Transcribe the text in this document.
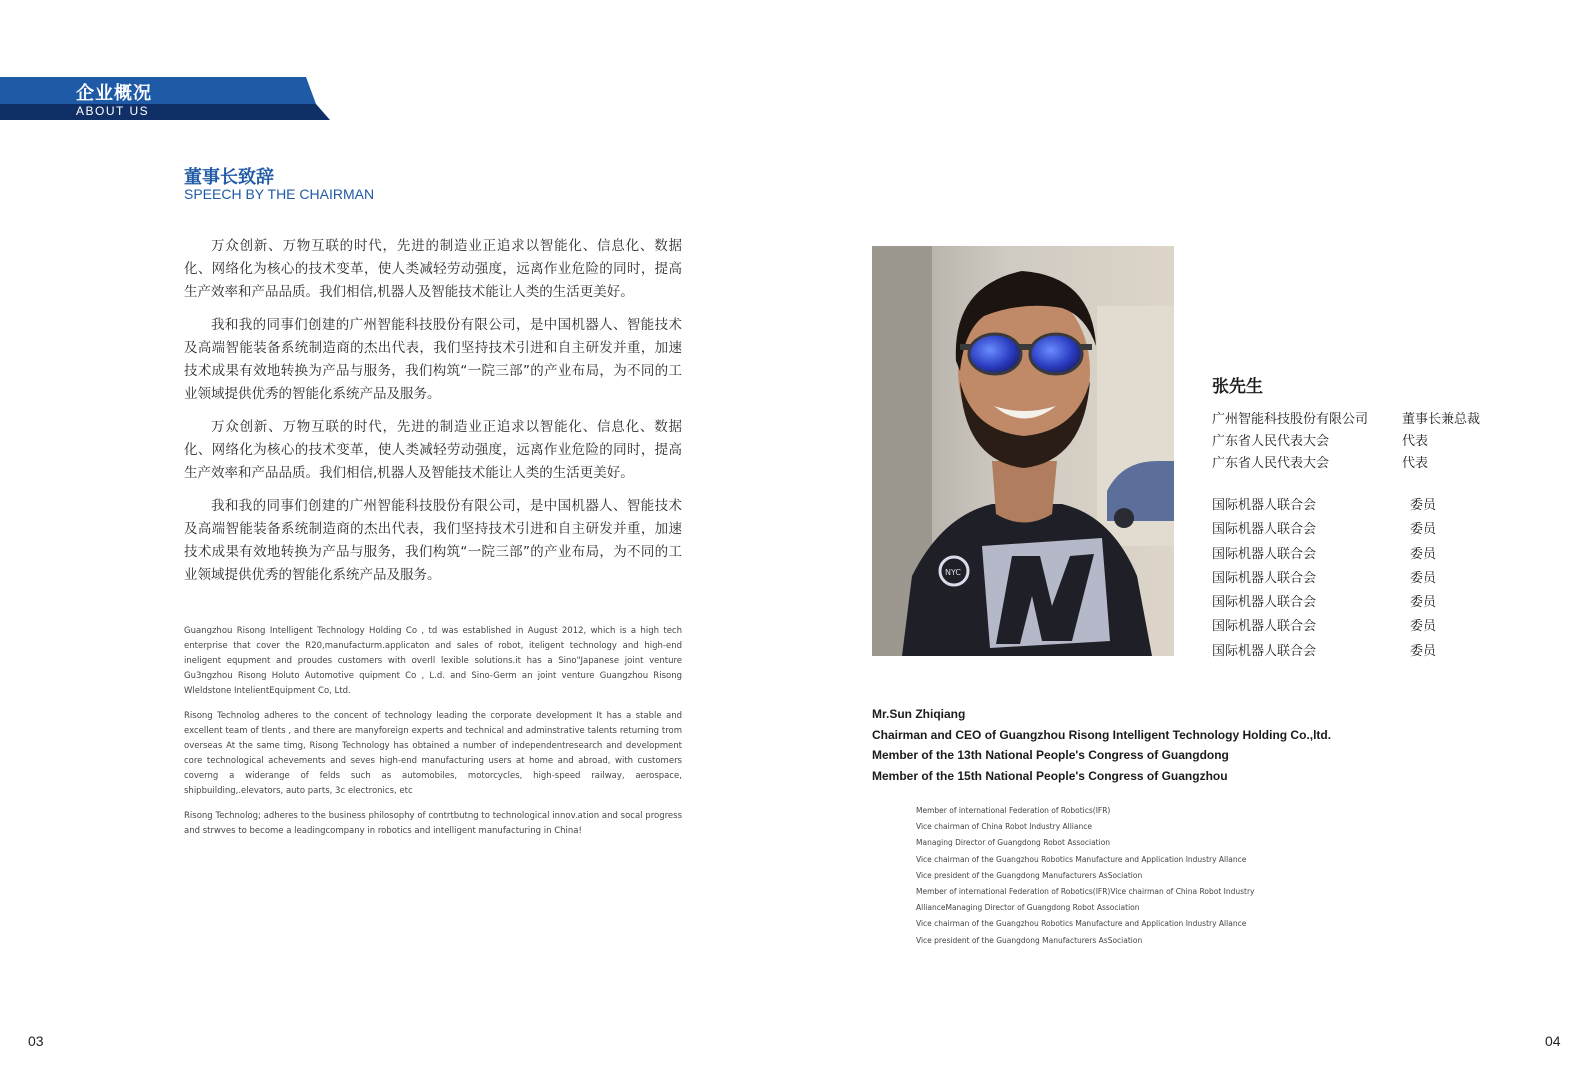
企业概况
ABOUT US
董事长致辞
SPEECH BY THE CHAIRMAN

万众创新、万物互联的时代，先进的制造业正追求以智能化、信息化、数据化、网络化为核心的技术变革，使人类减轻劳动强度，远离作业危险的同时，提高生产效率和产品品质。我们相信,机器人及智能技术能让人类的生活更美好。

我和我的同事们创建的广州智能科技股份有限公司，是中国机器人、智能技术及高端智能装备系统制造商的杰出代表，我们坚持技术引进和自主研发并重，加速技术成果有效地转换为产品与服务，我们构筑“一院三部”的产业布局，为不同的工业领域提供优秀的智能化系统产品及服务。

万众创新、万物互联的时代，先进的制造业正追求以智能化、信息化、数据化、网络化为核心的技术变革，使人类减轻劳动强度，远离作业危险的同时，提高生产效率和产品品质。我们相信,机器人及智能技术能让人类的生活更美好。

我和我的同事们创建的广州智能科技股份有限公司，是中国机器人、智能技术及高端智能装备系统制造商的杰出代表，我们坚持技术引进和自主研发并重，加速技术成果有效地转换为产品与服务，我们构筑“一院三部”的产业布局，为不同的工业领域提供优秀的智能化系统产品及服务。

Guangzhou Risong Intelligent Technology Holding Co , td was established in August 2012, which is a high tech enterprise that cover the R20,manufacturm.applicaton and sales of robot, iteligent technology and high-end ineligent equpment and proudes customers with overll lexible solutions.it has a Sino"Japanese joint venture Gu3ngzhou Risong Holuto Automotive quipment Co , L.d. and Sino-Germ an joint venture Guangzhou Risong Wleldstone IntelientEquipment Co, Ltd.

Risong Technolog adheres to the concent of technology leading the corporate development It has a stable and excellent team of tlents , and there are manyforeign experts and technical and adminstrative talents returning trom overseas At the same timg, Risong Technology has obtained a number of independentresearch and development core technological achevements and seves high-end manufacturing users at home and abroad, with customers coverng a widerange of felds such as automobiles, motorcycles, high-speed railway, aerospace, shipbuilding,.elevators, auto parts, 3c electronics, etc

Risong Technolog; adheres to the business philosophy of contrtbutng to technological innov.ation and socal progress and strwves to become a leadingcompany in robotics and intelligent manufacturing in China!

NYC
张先生
广州智能科技股份有限公司	董事长兼总裁
广东省人民代表大会	代表
广东省人民代表大会	代表
国际机器人联合会	委员
国际机器人联合会	委员
国际机器人联合会	委员
国际机器人联合会	委员
国际机器人联合会	委员
国际机器人联合会	委员
国际机器人联合会	委员
Mr.Sun Zhiqiang
Chairman and CEO of Guangzhou Risong Intelligent Technology Holding Co.,ltd.
Member of the 13th National People's Congress of Guangdong
Member of the 15th National People's Congress of Guangzhou
Member of international Federation of Robotics(IFR)
Vice chairman of China Robot Industry Alliance
Managing Director of Guangdong Robot Association
Vice chairman of the Guangzhou Robotics Manufacture and Application Industry Allance
Vice president of the Guangdong Manufacturers AsSociation
Member of international Federation of Robotics(IFR)Vice chairman of China Robot Industry
AllianceManaging Director of Guangdong Robot Association
Vice chairman of the Guangzhou Robotics Manufacture and Application Industry Allance
Vice president of the Guangdong Manufacturers AsSociation
03	04
